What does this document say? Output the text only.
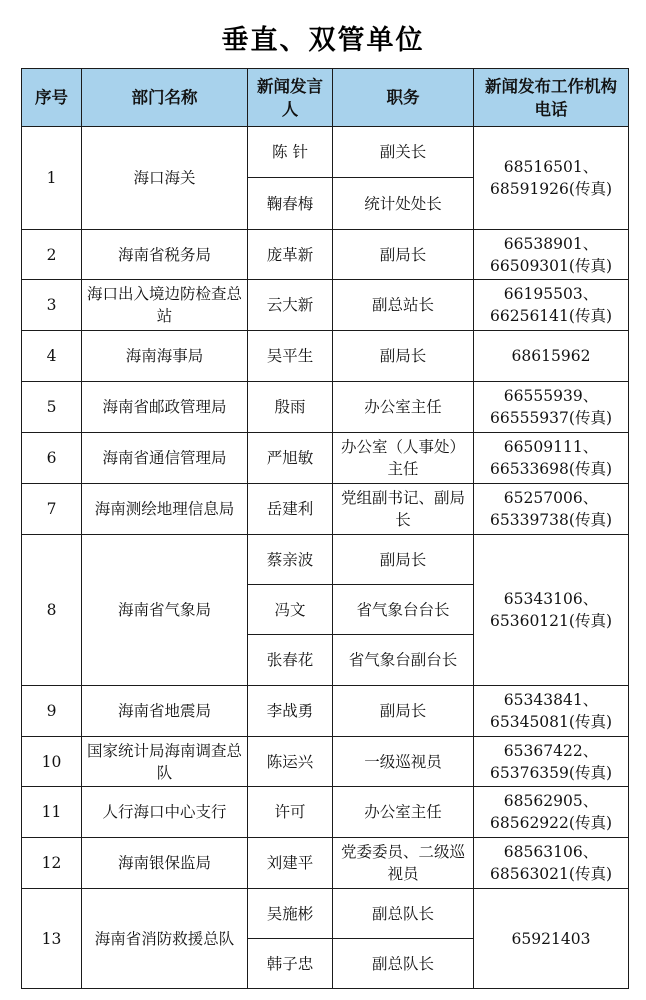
垂直、双管单位
序号	部门名称	新闻发言人	职务	新闻发布工作机构电话
1	海口海关	陈 针	副关长	68516501、68591926(传真)
		鞠春梅	统计处处长	
2	海南省税务局	庞革新	副局长	66538901、66509301(传真)
3	海口出入境边防检查总站	云大新	副总站长	66195503、66256141(传真)
4	海南海事局	吴平生	副局长	68615962
5	海南省邮政管理局	殷雨	办公室主任	66555939、66555937(传真)
6	海南省通信管理局	严旭敏	办公室（人事处）主任	66509111、66533698(传真)
7	海南测绘地理信息局	岳建利	党组副书记、副局长	65257006、65339738(传真)
8	海南省气象局	蔡亲波	副局长	65343106、65360121(传真)
		冯文	省气象台台长	
		张春花	省气象台副台长	
9	海南省地震局	李战勇	副局长	65343841、65345081(传真)
10	国家统计局海南调查总队	陈运兴	一级巡视员	65367422、65376359(传真)
11	人行海口中心支行	许可	办公室主任	68562905、68562922(传真)
12	海南银保监局	刘建平	党委委员、二级巡视员	68563106、68563021(传真)
13	海南省消防救援总队	吴施彬	副总队长	65921403
		韩子忠	副总队长	
